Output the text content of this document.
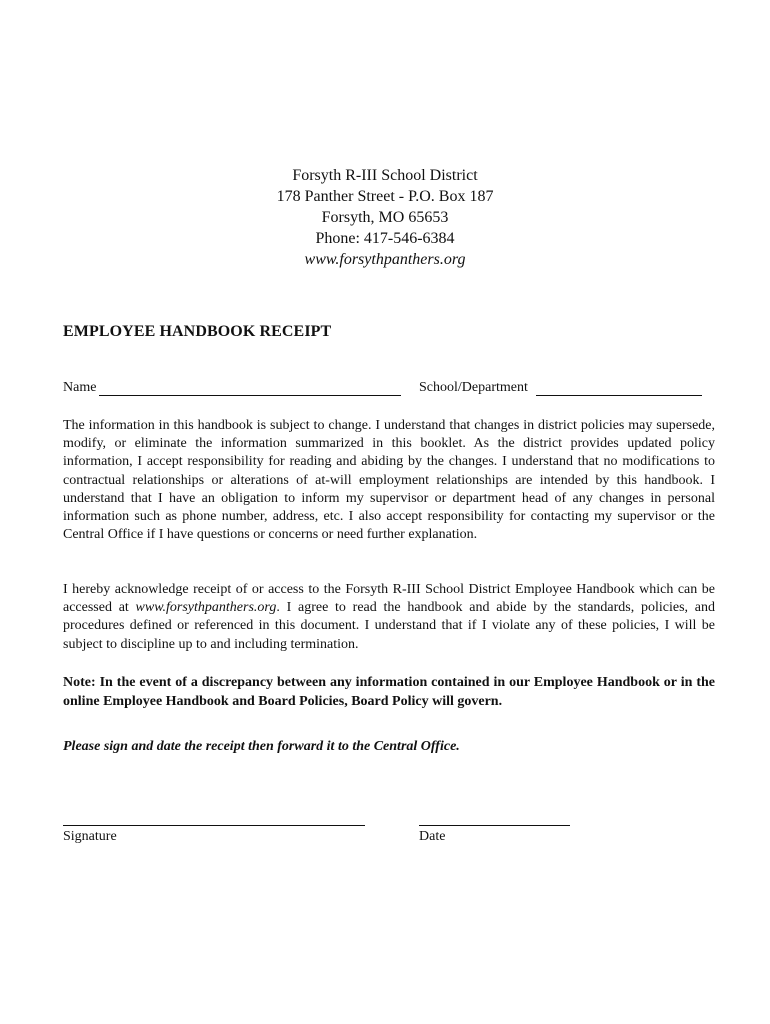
Forsyth R-III School District
178 Panther Street - P.O. Box 187
Forsyth, MO 65653
Phone: 417-546-6384
www.forsythpanthers.org
EMPLOYEE HANDBOOK RECEIPT
Name	School/Department

The information in this handbook is subject to change. I understand that changes in district policies may supersede, modify, or eliminate the information summarized in this booklet. As the district provides updated policy information, I accept responsibility for reading and abiding by the changes. I understand that no modifications to contractual relationships or alterations of at-will employment relationships are intended by this handbook. I understand that I have an obligation to inform my supervisor or department head of any changes in personal information such as phone number, address, etc. I also accept responsibility for contacting my supervisor or the Central Office if I have questions or concerns or need further explanation.

I hereby acknowledge receipt of or access to the Forsyth R-III School District Employee Handbook which can be accessed at www.forsythpanthers.org. I agree to read the handbook and abide by the standards, policies, and procedures defined or referenced in this document. I understand that if I violate any of these policies, I will be subject to discipline up to and including termination.

Note: In the event of a discrepancy between any information contained in our Employee Handbook or in the online Employee Handbook and Board Policies, Board Policy will govern.

Please sign and date the receipt then forward it to the Central Office.
Signature	Date
